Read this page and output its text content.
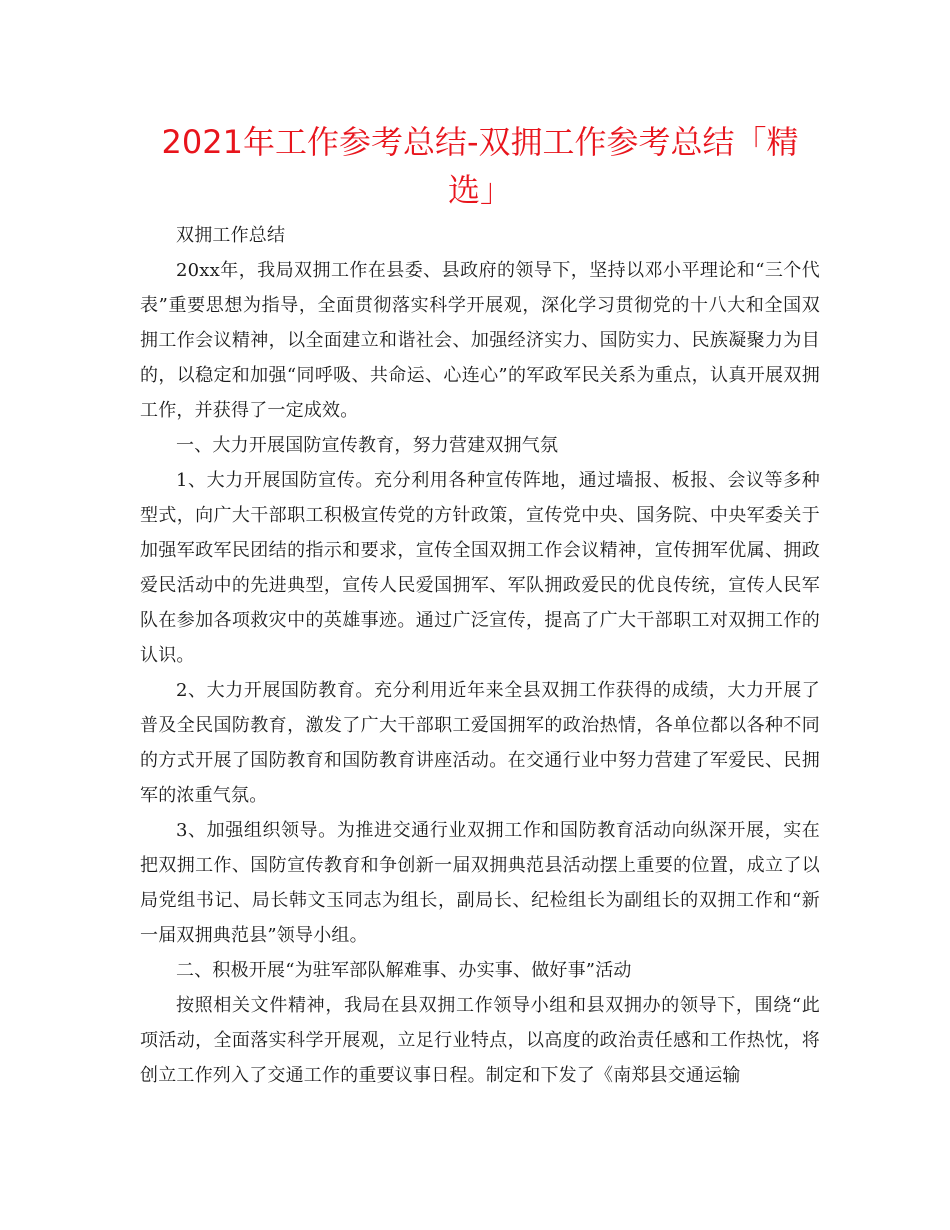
2021年工作参考总结-双拥工作参考总结「精选」

双拥工作总结

20xx年，我局双拥工作在县委、县政府的领导下，坚持以邓小平理论和“三个代表”重要思想为指导，全面贯彻落实科学开展观，深化学习贯彻党的十八大和全国双拥工作会议精神，以全面建立和谐社会、加强经济实力、国防实力、民族凝聚力为目的，以稳定和加强“同呼吸、共命运、心连心”的军政军民关系为重点，认真开展双拥工作，并获得了一定成效。

一、大力开展国防宣传教育，努力营建双拥气氛

1、大力开展国防宣传。充分利用各种宣传阵地，通过墙报、板报、会议等多种型式，向广大干部职工积极宣传党的方针政策，宣传党中央、国务院、中央军委关于加强军政军民团结的指示和要求，宣传全国双拥工作会议精神，宣传拥军优属、拥政爱民活动中的先进典型，宣传人民爱国拥军、军队拥政爱民的优良传统，宣传人民军队在参加各项救灾中的英雄事迹。通过广泛宣传，提高了广大干部职工对双拥工作的认识。

2、大力开展国防教育。充分利用近年来全县双拥工作获得的成绩，大力开展了普及全民国防教育，激发了广大干部职工爱国拥军的政治热情，各单位都以各种不同的方式开展了国防教育和国防教育讲座活动。在交通行业中努力营建了军爱民、民拥军的浓重气氛。

3、加强组织领导。为推进交通行业双拥工作和国防教育活动向纵深开展，实在把双拥工作、国防宣传教育和争创新一届双拥典范县活动摆上重要的位置，成立了以局党组书记、局长韩文玉同志为组长，副局长、纪检组长为副组长的双拥工作和“新一届双拥典范县”领导小组。

二、积极开展“为驻军部队解难事、办实事、做好事”活动

按照相关文件精神，我局在县双拥工作领导小组和县双拥办的领导下，围绕“此项活动，全面落实科学开展观，立足行业特点，以高度的政治责任感和工作热忱，将创立工作列入了交通工作的重要议事日程。制定和下发了《南郑县交通运输
